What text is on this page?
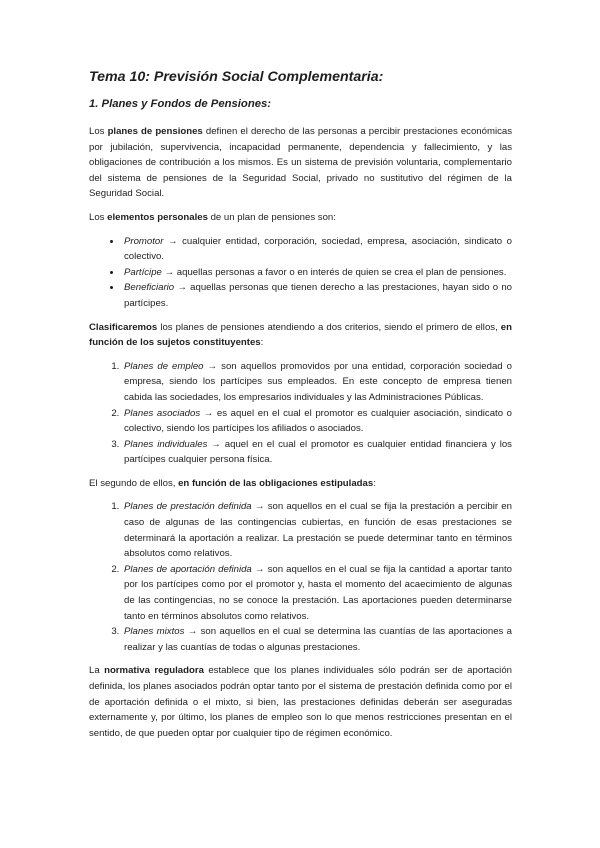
Tema 10: Previsión Social Complementaria:
1. Planes y Fondos de Pensiones:

Los planes de pensiones definen el derecho de las personas a percibir prestaciones económicas por jubilación, supervivencia, incapacidad permanente, dependencia y fallecimiento, y las obligaciones de contribución a los mismos. Es un sistema de previsión voluntaria, complementario del sistema de pensiones de la Seguridad Social, privado no sustitutivo del régimen de la Seguridad Social.

Los elementos personales de un plan de pensiones son:

• Promotor → cualquier entidad, corporación, sociedad, empresa, asociación, sindicato o colectivo.
• Partícipe → aquellas personas a favor o en interés de quien se crea el plan de pensiones.
• Beneficiario → aquellas personas que tienen derecho a las prestaciones, hayan sido o no partícipes.

Clasificaremos los planes de pensiones atendiendo a dos criterios, siendo el primero de ellos, en función de los sujetos constituyentes:

1. Planes de empleo → son aquellos promovidos por una entidad, corporación sociedad o empresa, siendo los partícipes sus empleados. En este concepto de empresa tienen cabida las sociedades, los empresarios individuales y las Administraciones Públicas.
2. Planes asociados → es aquel en el cual el promotor es cualquier asociación, sindicato o colectivo, siendo los partícipes los afiliados o asociados.
3. Planes individuales → aquel en el cual el promotor es cualquier entidad financiera y los partícipes cualquier persona física.

El segundo de ellos, en función de las obligaciones estipuladas:

1. Planes de prestación definida → son aquellos en el cual se fija la prestación a percibir en caso de algunas de las contingencias cubiertas, en función de esas prestaciones se determinará la aportación a realizar. La prestación se puede determinar tanto en términos absolutos como relativos.
2. Planes de aportación definida → son aquellos en el cual se fija la cantidad a aportar tanto por los partícipes como por el promotor y, hasta el momento del acaecimiento de algunas de las contingencias, no se conoce la prestación. Las aportaciones pueden determinarse tanto en términos absolutos como relativos.
3. Planes mixtos → son aquellos en el cual se determina las cuantías de las aportaciones a realizar y las cuantías de todas o algunas prestaciones.

La normativa reguladora establece que los planes individuales sólo podrán ser de aportación definida, los planes asociados podrán optar tanto por el sistema de prestación definida como por el de aportación definida o el mixto, si bien, las prestaciones definidas deberán ser aseguradas externamente y, por último, los planes de empleo son lo que menos restricciones presentan en el sentido, de que pueden optar por cualquier tipo de régimen económico.
